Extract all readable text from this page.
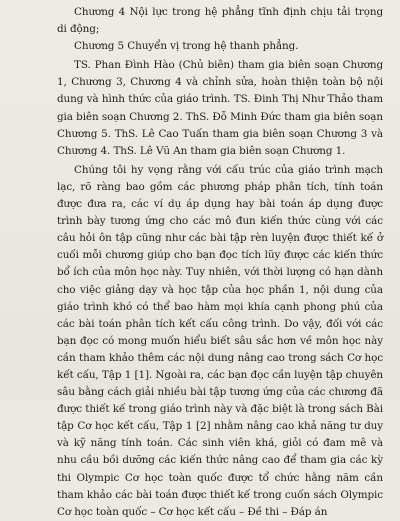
Chương 4 Nội lực trong hệ phẳng tĩnh định chịu tải trọng di động;

Chương 5 Chuyển vị trong hệ thanh phẳng.

TS. Phan Đình Hào (Chủ biên) tham gia biên soạn Chương 1, Chương 3, Chương 4 và chỉnh sửa, hoàn thiện toàn bộ nội dung và hình thức của giáo trình. TS. Đinh Thị Như Thảo tham gia biên soạn Chương 2. ThS. Đỗ Minh Đức tham gia biên soạn Chương 5. ThS. Lê Cao Tuấn tham gia biên soạn Chương 3 và Chương 4. ThS. Lê Vũ An tham gia biên soạn Chương 1.

Chúng tôi hy vọng rằng với cấu trúc của giáo trình mạch lạc, rõ ràng bao gồm các phương pháp phân tích, tính toán được đưa ra, các ví dụ áp dụng hay bài toán áp dụng được trình bày tương ứng cho các mô đun kiến thức cùng với các câu hỏi ôn tập cũng như các bài tập rèn luyện được thiết kế ở cuối mỗi chương giúp cho bạn đọc tích lũy được các kiến thức bổ ích của môn học này. Tuy nhiên, với thời lượng có hạn dành cho việc giảng dạy và học tập của học phần 1, nội dung của giáo trình khó có thể bao hàm mọi khía cạnh phong phú của các bài toán phân tích kết cấu công trình. Do vậy, đối với các bạn đọc có mong muốn hiểu biết sâu sắc hơn về môn học này cần tham khảo thêm các nội dung nâng cao trong sách Cơ học kết cấu, Tập 1 [1]. Ngoài ra, các bạn đọc cần luyện tập chuyên sâu bằng cách giải nhiều bài tập tương ứng của các chương đã được thiết kế trong giáo trình này và đặc biệt là trong sách Bài tập Cơ học kết cấu, Tập 1 [2] nhằm nâng cao khả năng tư duy và kỹ năng tính toán. Các sinh viên khá, giỏi có đam mê và nhu cầu bồi dưỡng các kiến thức nâng cao để tham gia các kỳ thi Olympic Cơ học toàn quốc được tổ chức hằng năm cần tham khảo các bài toán được thiết kế trong cuốn sách Olympic Cơ học toàn quốc – Cơ học kết cấu – Đề thi – Đáp án
